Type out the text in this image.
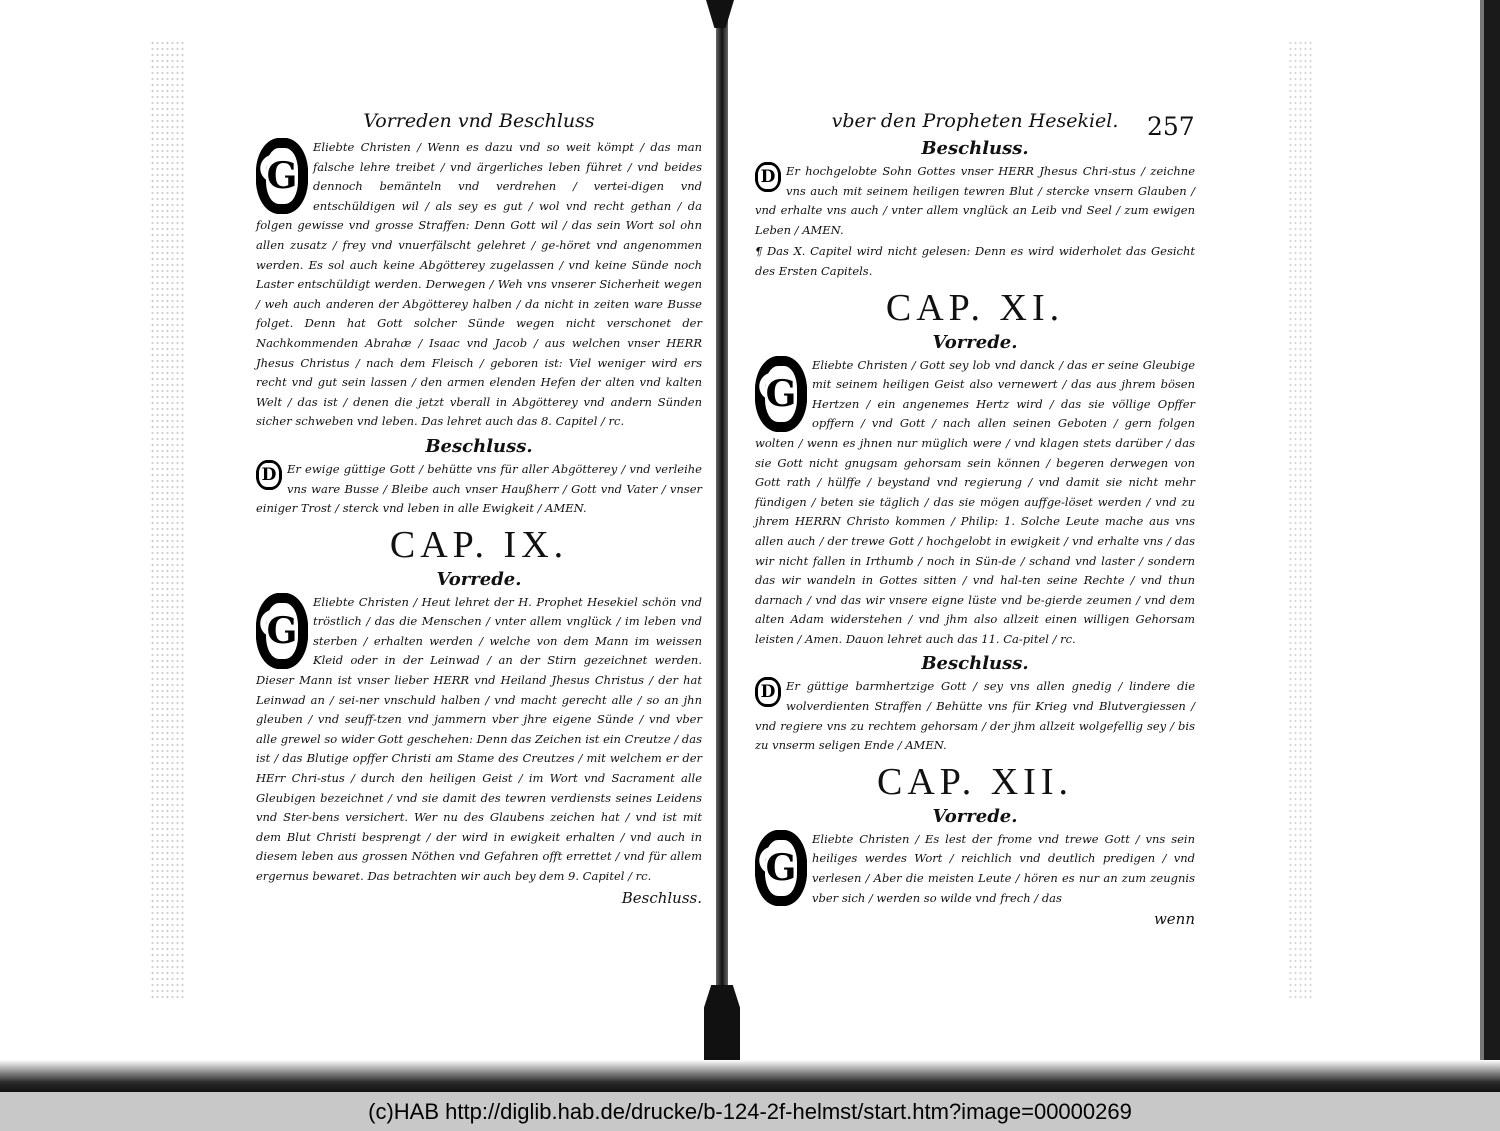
Vorreden vnd Beschluss

G
Eliebte Christen / Wenn es dazu vnd so weit kömpt / das man falsche lehre treibet / vnd ärgerliches leben führet / vnd beides dennoch bemänteln vnd verdrehen / vertei‐digen vnd entschüldigen wil / als sey es gut / wol vnd recht gethan / da folgen gewisse vnd grosse Straffen: Denn Gott wil / das sein Wort sol ohn allen zusatz / frey vnd vnuerfälscht gelehret / ge‐höret vnd angenommen werden. Es sol auch keine Abgötterey zugelassen / vnd keine Sünde noch Laster entschüldigt werden. Derwegen / Weh vns vnserer Sicherheit wegen / weh auch anderen der Abgötterey halben / da nicht in zeiten ware Busse folget. Denn hat Gott solcher Sünde wegen nicht verschonet der Nachkommenden Abrahæ / Isaac vnd Jacob / aus welchen vnser HERR Jhesus Christus / nach dem Fleisch / geboren ist: Viel weniger wird ers recht vnd gut sein lassen / den armen elenden Hefen der alten vnd kalten Welt / das ist / denen die jetzt vberall in Abgötterey vnd andern Sünden sicher schweben vnd leben. Das lehret auch das 8. Capitel / rc.

Beschluss.

D Er ewige güttige Gott / behütte vns für aller Abgötterey / vnd verleihe vns ware Busse / Bleibe auch vnser Haußherr / Gott vnd Vater / vnser einiger Trost / sterck vnd leben in alle Ewigkeit / AMEN.

CAP. IX.
Vorrede.

G
Eliebte Christen / Heut lehret der H. Prophet Hesekiel schön vnd tröstlich / das die Menschen / vnter allem vnglück / im leben vnd sterben / erhalten werden / welche von dem Mann im weissen Kleid oder in der Leinwad / an der Stirn gezeichnet werden. Dieser Mann ist vnser lieber HERR vnd Heiland Jhesus Christus / der hat Leinwad an / sei‐ner vnschuld halben / vnd macht gerecht alle / so an jhn gleuben / vnd seuff‐tzen vnd jammern vber jhre eigene Sünde / vnd vber alle grewel so wider Gott geschehen: Denn das Zeichen ist ein Creutze / das ist / das Blutige opffer Christi am Stame des Creutzes / mit welchem er der HErr Chri‐stus / durch den heiligen Geist / im Wort vnd Sacrament alle Gleubigen bezeichnet / vnd sie damit des tewren verdiensts seines Leidens vnd Ster‐bens versichert. Wer nu des Glaubens zeichen hat / vnd ist mit dem Blut Christi besprengt / der wird in ewigkeit erhalten / vnd auch in diesem leben aus grossen Nöthen vnd Gefahren offt errettet / vnd für allem ergernus bewaret. Das betrachten wir auch bey dem 9. Capitel / rc.

Beschluss.
vber den Propheten Hesekiel.
Beschluss.

D Er hochgelobte Sohn Gottes vnser HERR Jhesus Chri‐stus / zeichne vns auch mit seinem heiligen tewren Blut / stercke vnsern Glauben / vnd erhalte vns auch / vnter allem vnglück an Leib vnd Seel / zum ewigen Leben / AMEN.

¶ Das X. Capitel wird nicht gelesen: Denn es wird widerholet das Gesicht des Ersten Capitels.

CAP. XI.
Vorrede.

G
Eliebte Christen / Gott sey lob vnd danck / das er seine Gleubige mit seinem heiligen Geist also vernewert / das aus jhrem bösen Hertzen / ein angenemes Hertz wird / das sie völlige Opffer opffern / vnd Gott / nach allen seinen Geboten / gern folgen wolten / wenn es jhnen nur müglich were / vnd klagen stets darüber / das sie Gott nicht gnugsam gehorsam sein können / begeren derwegen von Gott rath / hülffe / beystand vnd regierung / vnd damit sie nicht mehr fündigen / beten sie täglich / das sie mögen auffge‐löset werden / vnd zu jhrem HERRN Christo kommen / Philip: 1. Solche Leute mache aus vns allen auch / der trewe Gott / hochgelobt in ewigkeit / vnd erhalte vns / das wir nicht fallen in Irthumb / noch in Sün‐de / schand vnd laster / sondern das wir wandeln in Gottes sitten / vnd hal‐ten seine Rechte / vnd thun darnach / vnd das wir vnsere eigne lüste vnd be‐gierde zeumen / vnd dem alten Adam widerstehen / vnd jhm also allzeit einen willigen Gehorsam leisten / Amen. Dauon lehret auch das 11. Ca‐pitel / rc.

Beschluss.

D Er güttige barmhertzige Gott / sey vns allen gnedig / lindere die wolverdienten Straffen / Behütte vns für Krieg vnd Blutvergiessen / vnd regiere vns zu rechtem gehorsam / der jhm allzeit wolgefellig sey / bis zu vnserm seligen Ende / AMEN.

CAP. XII.
Vorrede.

G
Eliebte Christen / Es lest der frome vnd trewe Gott / vns sein heiliges werdes Wort / reichlich vnd deutlich predigen / vnd verlesen / Aber die meisten Leute / hören es nur an zum zeugnis vber sich / werden so wilde vnd frech / das

wenn
257
(c)HAB http://diglib.hab.de/drucke/b-124-2f-helmst/start.htm?image=00000269
